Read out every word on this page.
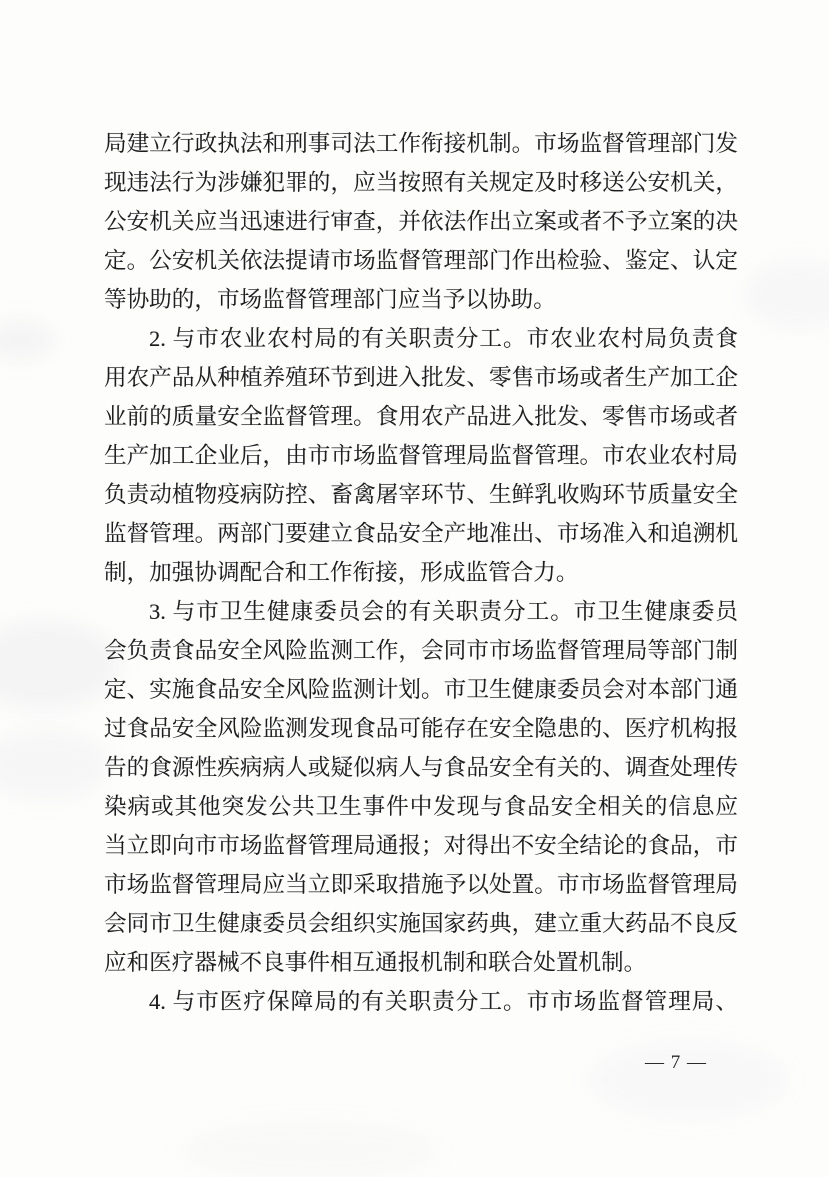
局建立行政执法和刑事司法工作衔接机制。市场监督管理部门发
现违法行为涉嫌犯罪的，应当按照有关规定及时移送公安机关，
公安机关应当迅速进行审查，并依法作出立案或者不予立案的决
定。公安机关依法提请市场监督管理部门作出检验、鉴定、认定
等协助的，市场监督管理部门应当予以协助。
2. 与市农业农村局的有关职责分工。市农业农村局负责食
用农产品从种植养殖环节到进入批发、零售市场或者生产加工企
业前的质量安全监督管理。食用农产品进入批发、零售市场或者
生产加工企业后，由市市场监督管理局监督管理。市农业农村局
负责动植物疫病防控、畜禽屠宰环节、生鲜乳收购环节质量安全
监督管理。两部门要建立食品安全产地准出、市场准入和追溯机
制，加强协调配合和工作衔接，形成监管合力。
3. 与市卫生健康委员会的有关职责分工。市卫生健康委员
会负责食品安全风险监测工作，会同市市场监督管理局等部门制
定、实施食品安全风险监测计划。市卫生健康委员会对本部门通
过食品安全风险监测发现食品可能存在安全隐患的、医疗机构报
告的食源性疾病病人或疑似病人与食品安全有关的、调查处理传
染病或其他突发公共卫生事件中发现与食品安全相关的信息应
当立即向市市场监督管理局通报；对得出不安全结论的食品，市
市场监督管理局应当立即采取措施予以处置。市市场监督管理局
会同市卫生健康委员会组织实施国家药典，建立重大药品不良反
应和医疗器械不良事件相互通报机制和联合处置机制。
4. 与市医疗保障局的有关职责分工。市市场监督管理局、
— 7 —
